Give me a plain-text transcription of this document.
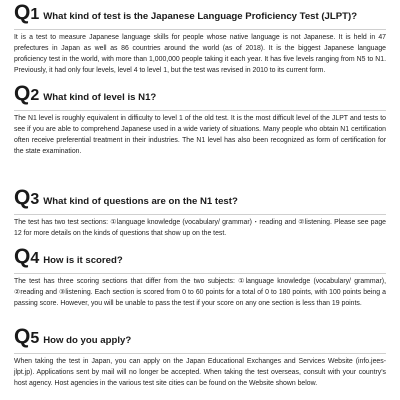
Q1 What kind of test is the Japanese Language Proficiency Test (JLPT)?

It is a test to measure Japanese language skills for people whose native language is not Japanese. It is held in 47 prefectures in Japan as well as 86 countries around the world (as of 2018). It is the biggest Japanese language proficiency test in the world, with more than 1,000,000 people taking it each year. It has five levels ranging from N5 to N1. Previously, it had only four levels, level 4 to level 1, but the test was revised in 2010 to its current form.

Q2 What kind of level is N1?

The N1 level is roughly equivalent in difficulty to level 1 of the old test. It is the most difficult level of the JLPT and tests to see if you are able to comprehend Japanese used in a wide variety of situations. Many people who obtain N1 certification often receive preferential treatment in their industries. The N1 level has also been recognized as form of certification for the state examination.

Q3 What kind of questions are on the N1 test?

The test has two test sections: ①language knowledge (vocabulary/ grammar)・reading and ②listening. Please see page 12 for more details on the kinds of questions that show up on the test.

Q4 How is it scored?

The test has three scoring sections that differ from the two subjects: ①language knowledge (vocabulary/ grammar), ②reading and ③listening. Each section is scored from 0 to 60 points for a total of 0 to 180 points, with 100 points being a passing score. However, you will be unable to pass the test if your score on any one section is less than 19 points.

Q5 How do you apply?

When taking the test in Japan, you can apply on the Japan Educational Exchanges and Services Website (info.jees-jlpt.jp). Applications sent by mail will no longer be accepted. When taking the test overseas, consult with your country's host agency. Host agencies in the various test site cities can be found on the Website shown below.
